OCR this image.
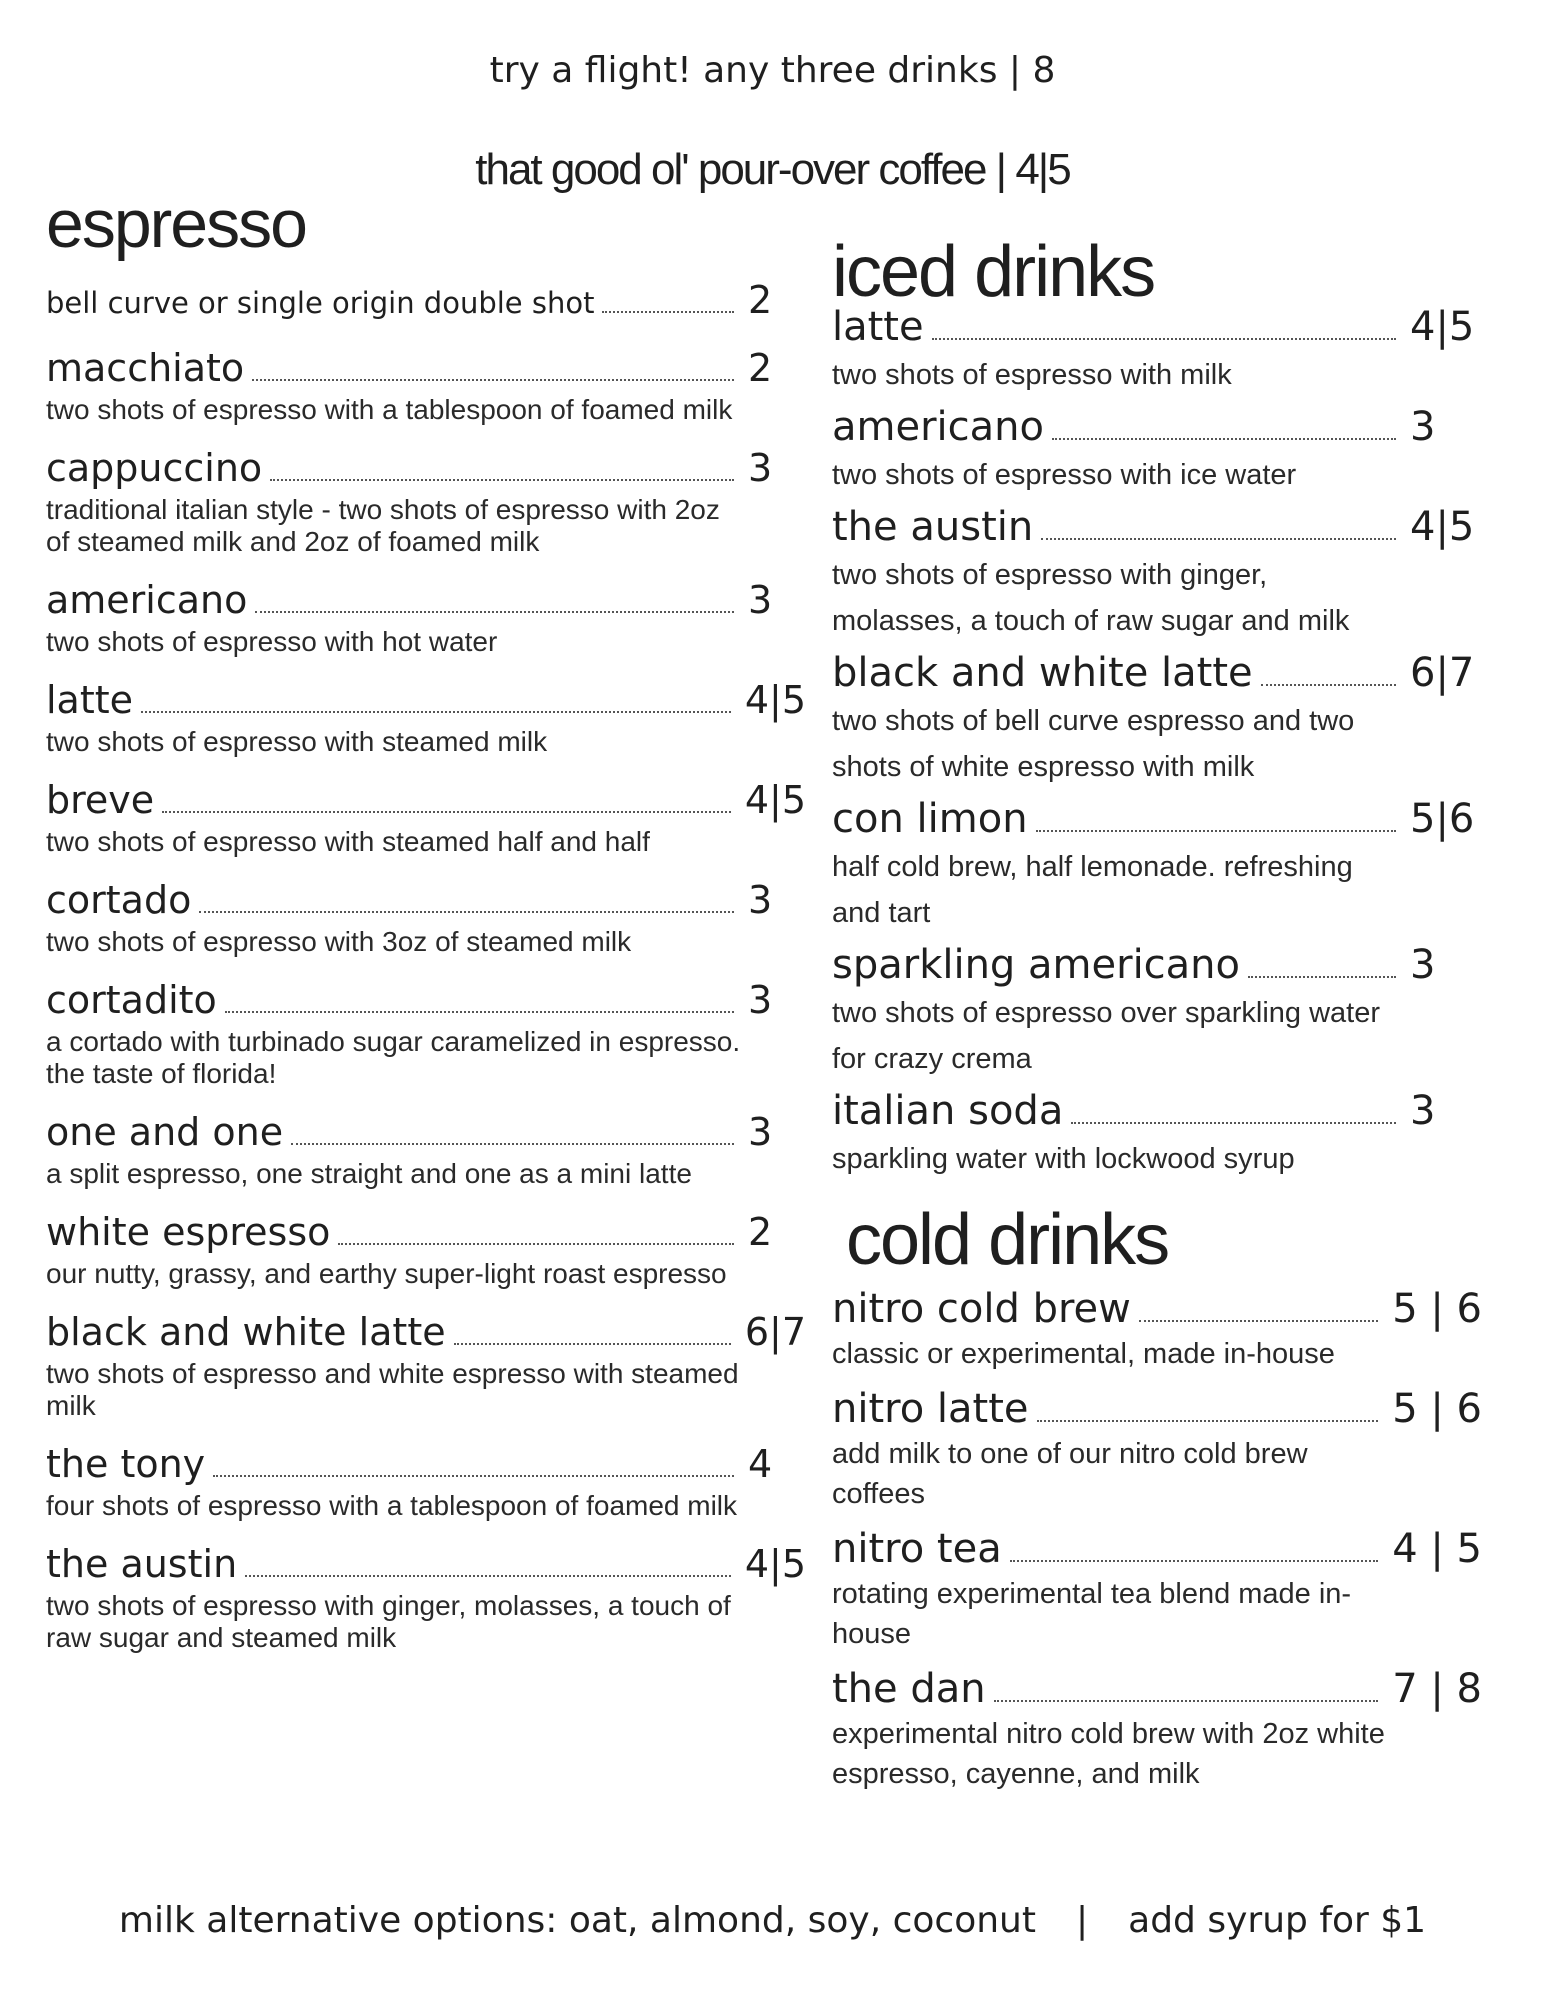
try a flight! any three drinks | 8
that good ol' pour-over coffee | 4|5
espresso
bell curve or single origin double shot	2
macchiato	2
two shots of espresso with a tablespoon of foamed milk
cappuccino	3
traditional italian style - two shots of espresso with 2oz of steamed milk and 2oz of foamed milk
americano	3
two shots of espresso with hot water
latte	4|5
two shots of espresso with steamed milk
breve	4|5
two shots of espresso with steamed half and half
cortado	3
two shots of espresso with 3oz of steamed milk
cortadito	3
a cortado with turbinado sugar caramelized in espresso. the taste of florida!
one and one	3
a split espresso, one straight and one as a mini latte
white espresso	2
our nutty, grassy, and earthy super-light roast espresso
black and white latte	6|7
two shots of espresso and white espresso with steamed milk
the tony	4
four shots of espresso with a tablespoon of foamed milk
the austin	4|5
two shots of espresso with ginger, molasses, a touch of raw sugar and steamed milk
iced drinks
latte	4|5
two shots of espresso with milk
americano	3
two shots of espresso with ice water
the austin	4|5
two shots of espresso with ginger, molasses, a touch of raw sugar and milk
black and white latte	6|7
two shots of bell curve espresso and two shots of white espresso with milk
con limon	5|6
half cold brew, half lemonade. refreshing and tart
sparkling americano	3
two shots of espresso over sparkling water for crazy crema
italian soda	3
sparkling water with lockwood syrup
cold drinks
nitro cold brew	5 | 6
classic or experimental, made in-house
nitro latte	5 | 6
add milk to one of our nitro cold brew coffees
nitro tea	4 | 5
rotating experimental tea blend made in-house
the dan	7 | 8
experimental nitro cold brew with 2oz white espresso, cayenne, and milk
milk alternative options: oat, almond, soy, coconut | add syrup for $1
